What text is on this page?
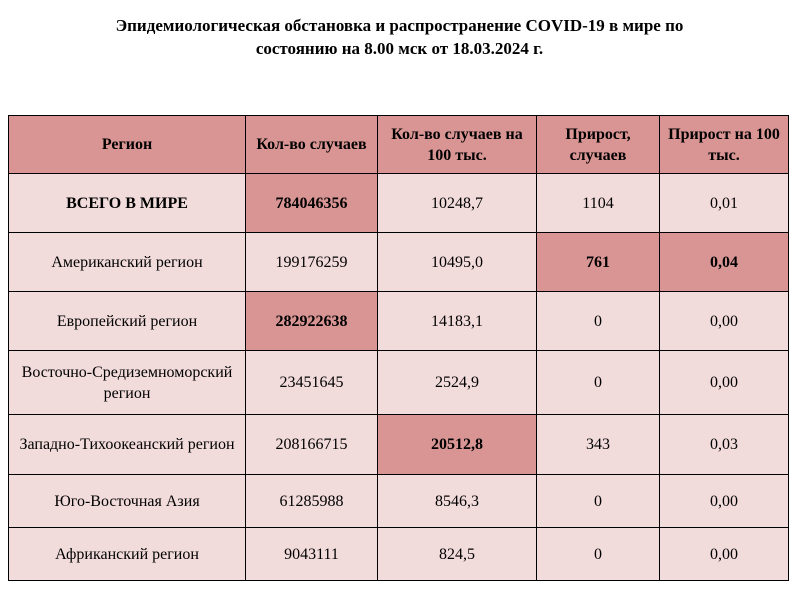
Эпидемиологическая обстановка и распространение COVID-19 в мире по
состоянию на 8.00 мск от 18.03.2024 г.
Регион	Кол-во случаев	Кол-во случаев на 100 тыс.	Прирост, случаев	Прирост на 100 тыс.
ВСЕГО В МИРЕ	784046356	10248,7	1104	0,01
Американский регион	199176259	10495,0	761	0,04
Европейский регион	282922638	14183,1	0	0,00
Восточно-Средиземноморский регион	23451645	2524,9	0	0,00
Западно-Тихоокеанский регион	208166715	20512,8	343	0,03
Юго-Восточная Азия	61285988	8546,3	0	0,00
Африканский регион	9043111	824,5	0	0,00
